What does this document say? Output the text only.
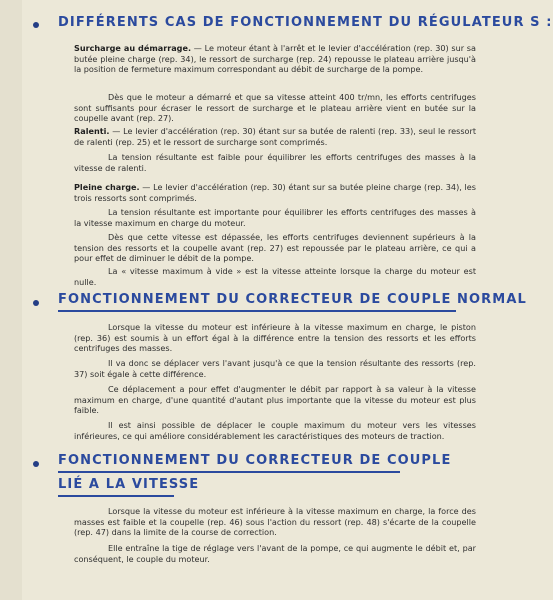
DIFFÉRENTS CAS DE FONCTIONNEMENT DU RÉGULATEUR S :
Surcharge au démarrage. — Le moteur étant à l'arrêt et le levier d'accélération (rep. 30) sur sa butée pleine charge (rep. 34), le ressort de surcharge (rep. 24) repousse le plateau arrière jusqu'à la position de fermeture maximum correspondant au débit de surcharge de la pompe.
Dès que le moteur a démarré et que sa vitesse atteint 400 tr/mn, les efforts centrifuges sont suffisants pour écraser le ressort de surcharge et le plateau arrière vient en butée sur la coupelle avant (rep. 27).
Ralenti. — Le levier d'accélération (rep. 30) étant sur sa butée de ralenti (rep. 33), seul le ressort de ralenti (rep. 25) et le ressort de surcharge sont comprimés.
La tension résultante est faible pour équilibrer les efforts centrifuges des masses à la vitesse de ralenti.
Pleine charge. — Le levier d'accélération (rep. 30) étant sur sa butée pleine charge (rep. 34), les trois ressorts sont comprimés.
La tension résultante est importante pour équilibrer les efforts centrifuges des masses à la vitesse maximum en charge du moteur.
Dès que cette vitesse est dépassée, les efforts centrifuges deviennent supérieurs à la tension des ressorts et la coupelle avant (rep. 27) est repoussée par le plateau arrière, ce qui a pour effet de diminuer le débit de la pompe.
La « vitesse maximum à vide » est la vitesse atteinte lorsque la charge du moteur est nulle.
FONCTIONNEMENT DU CORRECTEUR DE COUPLE NORMAL
Lorsque la vitesse du moteur est inférieure à la vitesse maximum en charge, le piston (rep. 36) est soumis à un effort égal à la différence entre la tension des ressorts et les efforts centrifuges des masses.
Il va donc se déplacer vers l'avant jusqu'à ce que la tension résultante des ressorts (rep. 37) soit égale à cette différence.
Ce déplacement a pour effet d'augmenter le débit par rapport à sa valeur à la vitesse maximum en charge, d'une quantité d'autant plus importante que la vitesse du moteur est plus faible.
Il est ainsi possible de déplacer le couple maximum du moteur vers les vitesses inférieures, ce qui améliore considérablement les caractéristiques des moteurs de traction.
FONCTIONNEMENT DU CORRECTEUR DE COUPLE
LIÉ A LA VITESSE
Lorsque la vitesse du moteur est inférieure à la vitesse maximum en charge, la force des masses est faible et la coupelle (rep. 46) sous l'action du ressort (rep. 48) s'écarte de la coupelle (rep. 47) dans la limite de la course de correction.
Elle entraîne la tige de réglage vers l'avant de la pompe, ce qui augmente le débit et, par conséquent, le couple du moteur.
